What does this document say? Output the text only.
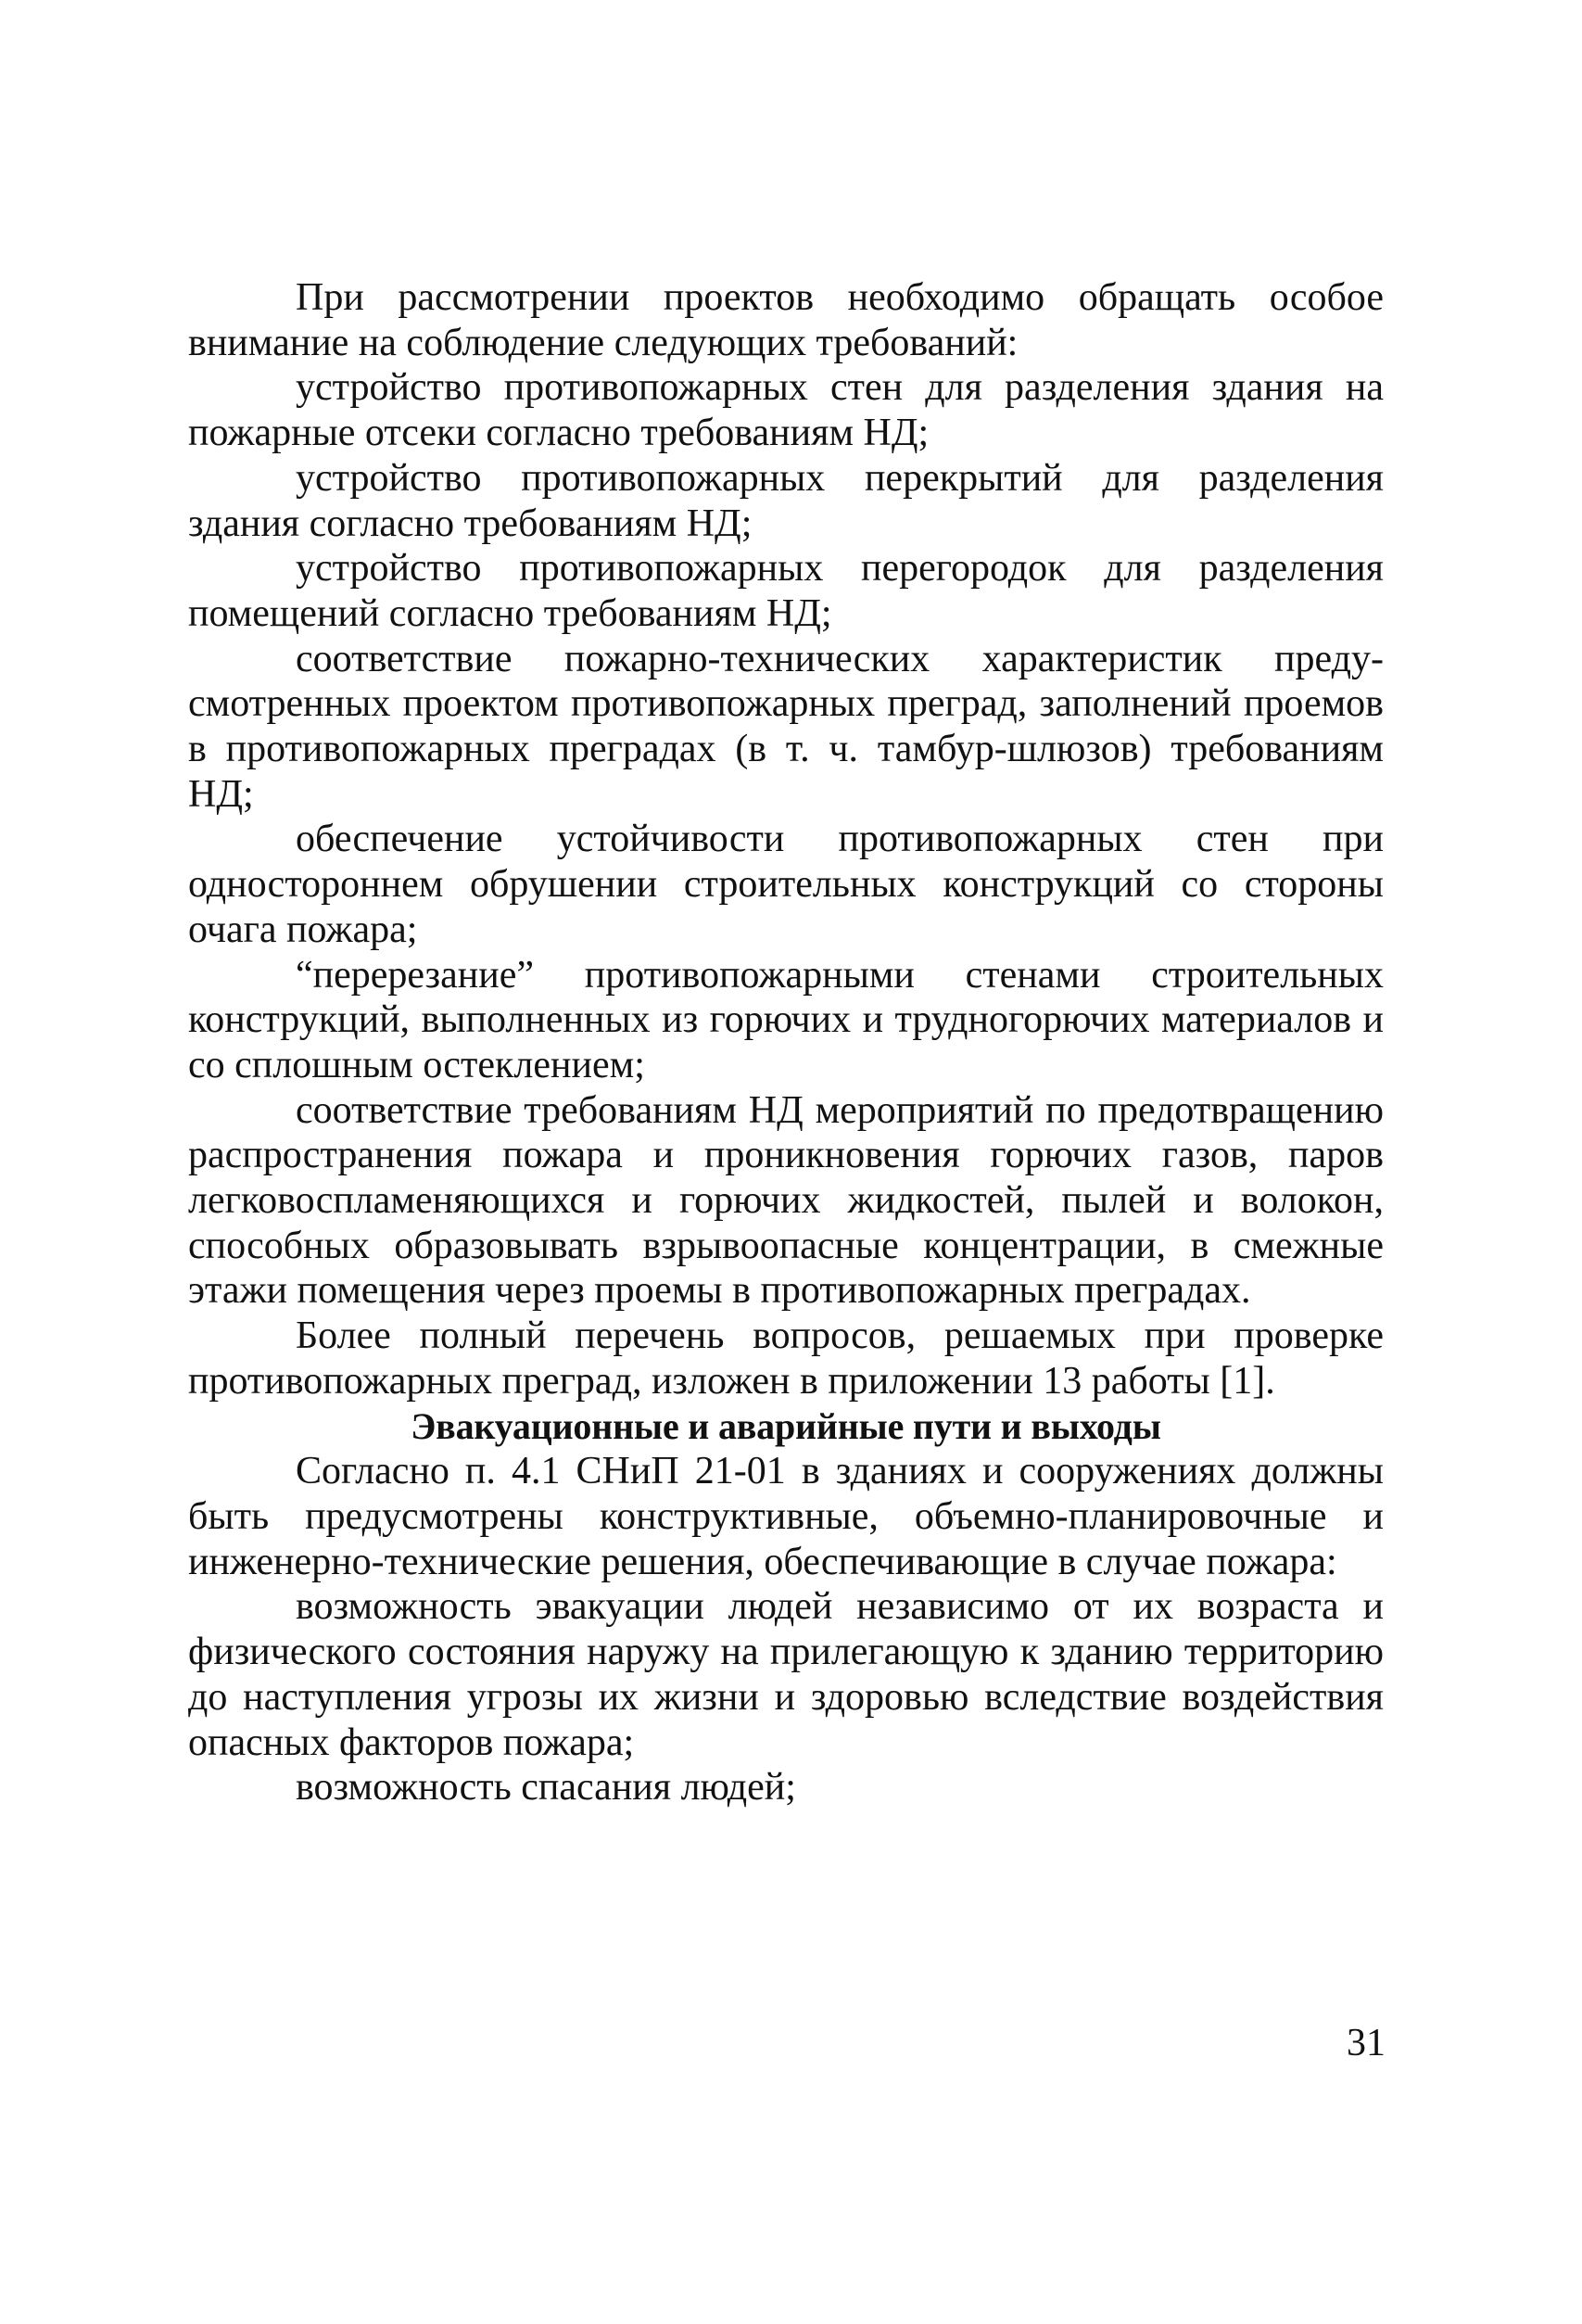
При рассмотрении проектов необходимо обращать особое внимание на соблюдение следующих требований:

устройство противопожарных стен для разделения здания на пожарные отсеки согласно требованиям НД;

устройство противопожарных перекрытий для разделения здания согласно требованиям НД;

устройство противопожарных перегородок для разделения помещений согласно требованиям НД;

соответствие пожарно-технических характеристик предусмотренных проектом противопожарных преград, заполнений проемов в противопожарных преградах (в т. ч. тамбур-шлюзов) требованиям НД;

обеспечение устойчивости противопожарных стен при одностороннем обрушении строительных конструкций со стороны очага пожара;

“перерезание” противопожарными стенами строительных конструкций, выполненных из горючих и трудногорючих материалов и со сплошным остеклением;

соответствие требованиям НД мероприятий по предотвращению распространения пожара и проникновения горючих газов, паров легковоспламеняющихся и горючих жидкостей, пылей и волокон, способных образовывать взрывоопасные концентрации, в смежные этажи помещения через проемы в противопожарных преградах.

Более полный перечень вопросов, решаемых при проверке противопожарных преград, изложен в приложении 13 работы [1].

Эвакуационные и аварийные пути и выходы

Согласно п. 4.1 СНиП 21-01 в зданиях и сооружениях должны быть предусмотрены конструктивные, объемно-планировочные и инженерно-технические решения, обеспечивающие в случае пожара:

возможность эвакуации людей независимо от их возраста и физического состояния наружу на прилегающую к зданию территорию до наступления угрозы их жизни и здоровью вследствие воздействия опасных факторов пожара;

возможность спасания людей;

31
